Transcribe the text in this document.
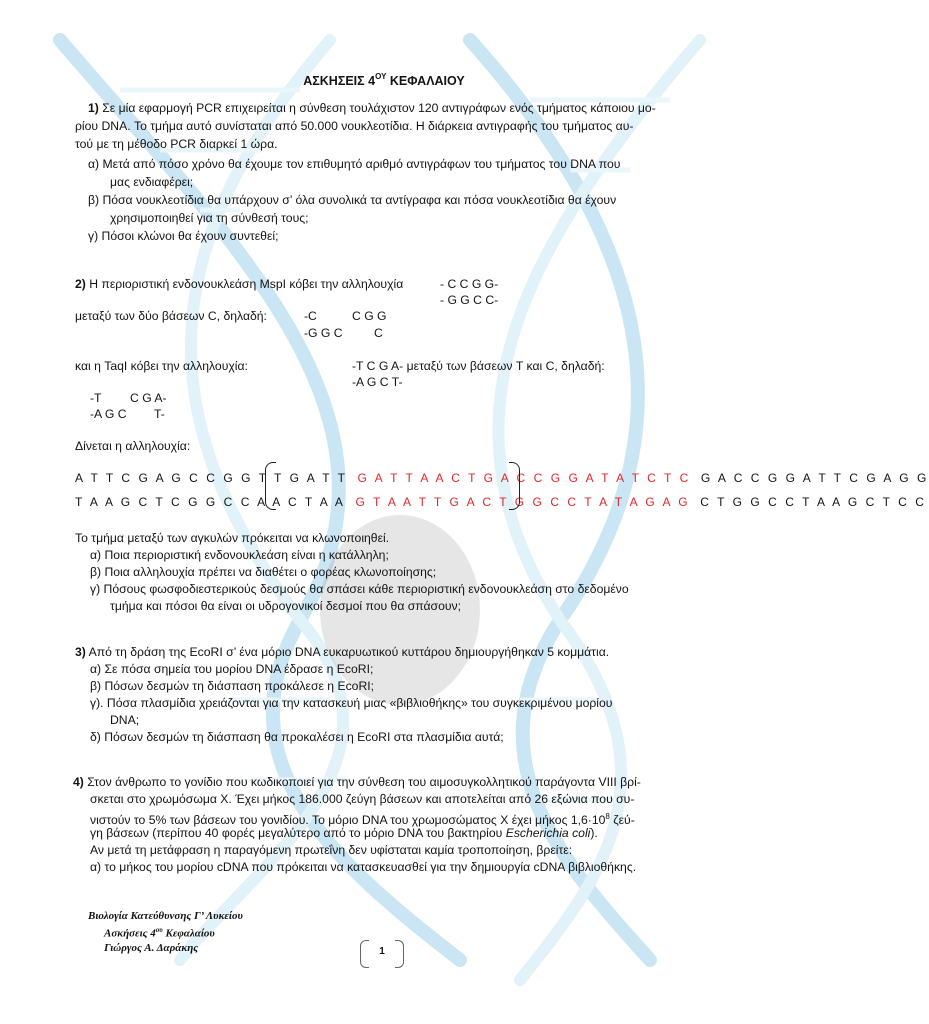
ΑΣΚΗΣΕΙΣ $4^{O\Upsilon}$ ΚΕΦΑΛΑΙΟΥ
1) Σε μία εφαρμογή PCR επιχειρείται η σύνθεση τουλάχιστον 120 αντιγράφων ενός τμήματος κάποιου μο-
ρίου DNA. Το τμήμα αυτό συνίσταται από 50.000 νουκλεοτίδια. Η διάρκεια αντιγραφής του τμήματος αυ-
τού με τη μέθοδο PCR διαρκεί 1 ώρα.
α) Μετά από πόσο χρόνο θα έχουμε τον επιθυμητό αριθμό αντιγράφων του τμήματος του DNA που
μας ενδιαφέρει;
β) Πόσα νουκλεοτίδια θα υπάρχουν σ’ όλα συνολικά τα αντίγραφα και πόσα νουκλεοτίδια θα έχουν
χρησιμοποιηθεί για τη σύνθεσή τους;
γ) Πόσοι κλώνοι θα έχουν συντεθεί;
2) Η περιοριστική ενδονουκλεάση MspI κόβει την αλληλουχία	- C C G G-
- G G C C-
μεταξύ των δύο βάσεων C, δηλαδή:	-C	C G G
-G G C	C
και η TaqI κόβει την αλληλουχία:	-T C G A- μεταξύ των βάσεων T και C, δηλαδή:
-A G C T-
-T C G A-
-A G C T-
Δίνεται η αλληλουχία:
A T T C G A G C C G G T T G A T T G A T T A A C T G A C C G G A T A T C T C G A C C G G A T T C G A G G
T A A G C T C G G C C A A C T A A G T A A T T G A C T G G C C T A T A G A G C T G G C C T A A G C T C C
Το τμήμα μεταξύ των αγκυλών πρόκειται να κλωνοποιηθεί.
α) Ποια περιοριστική ενδονουκλεάση είναι η κατάλληλη;
β) Ποια αλληλουχία πρέπει να διαθέτει ο φορέας κλωνοποίησης;
γ) Πόσους φωσφοδιεστερικούς δεσμούς θα σπάσει κάθε περιοριστική ενδονουκλεάση στο δεδομένο
τμήμα και πόσοι θα είναι οι υδρογονικοί δεσμοί που θα σπάσουν;
3) Από τη δράση της EcoRI σ’ ένα μόριο DNA ευκαρυωτικού κυττάρου δημιουργήθηκαν 5 κομμάτια.
α) Σε πόσα σημεία του μορίου DNA έδρασε η EcoRI;
β) Πόσων δεσμών τη διάσπαση προκάλεσε η EcoRI;
γ). Πόσα πλασμίδια χρειάζονται για την κατασκευή μιας «βιβλιοθήκης» του συγκεκριμένου μορίου
DNA;
δ) Πόσων δεσμών τη διάσπαση θα προκαλέσει η EcoRI στα πλασμίδια αυτά;
4) Στον άνθρωπο το γονίδιο που κωδικοποιεί για την σύνθεση του αιμοσυγκολλητικού παράγοντα VIII βρί-
σκεται στο χρωμόσωμα Χ. Έχει μήκος 186.000 ζεύγη βάσεων και αποτελείται από 26 εξώνια που συ-
νιστούν το 5% των βάσεων του γονιδίου. Το μόριο DNA του χρωμοσώματος Χ έχει μήκος $1,6\cdot 10^8$ ζεύ-
γη βάσεων (περίπου 40 φορές μεγαλύτερο από το μόριο DNA του βακτηρίου Escherichia coli).
Αν μετά τη μετάφραση η παραγόμενη πρωτεΐνη δεν υφίσταται καμία τροποποίηση, βρείτε:
α) το μήκος του μορίου cDNA που πρόκειται να κατασκευασθεί για την δημιουργία cDNA βιβλιοθήκης.
Βιολογία Κατεύθυνσης Γ’ Λυκείου
Ασκήσεις $4^{o\upsilon}$ Κεφαλαίου
Γιώργος Α. Δαράκης	1
